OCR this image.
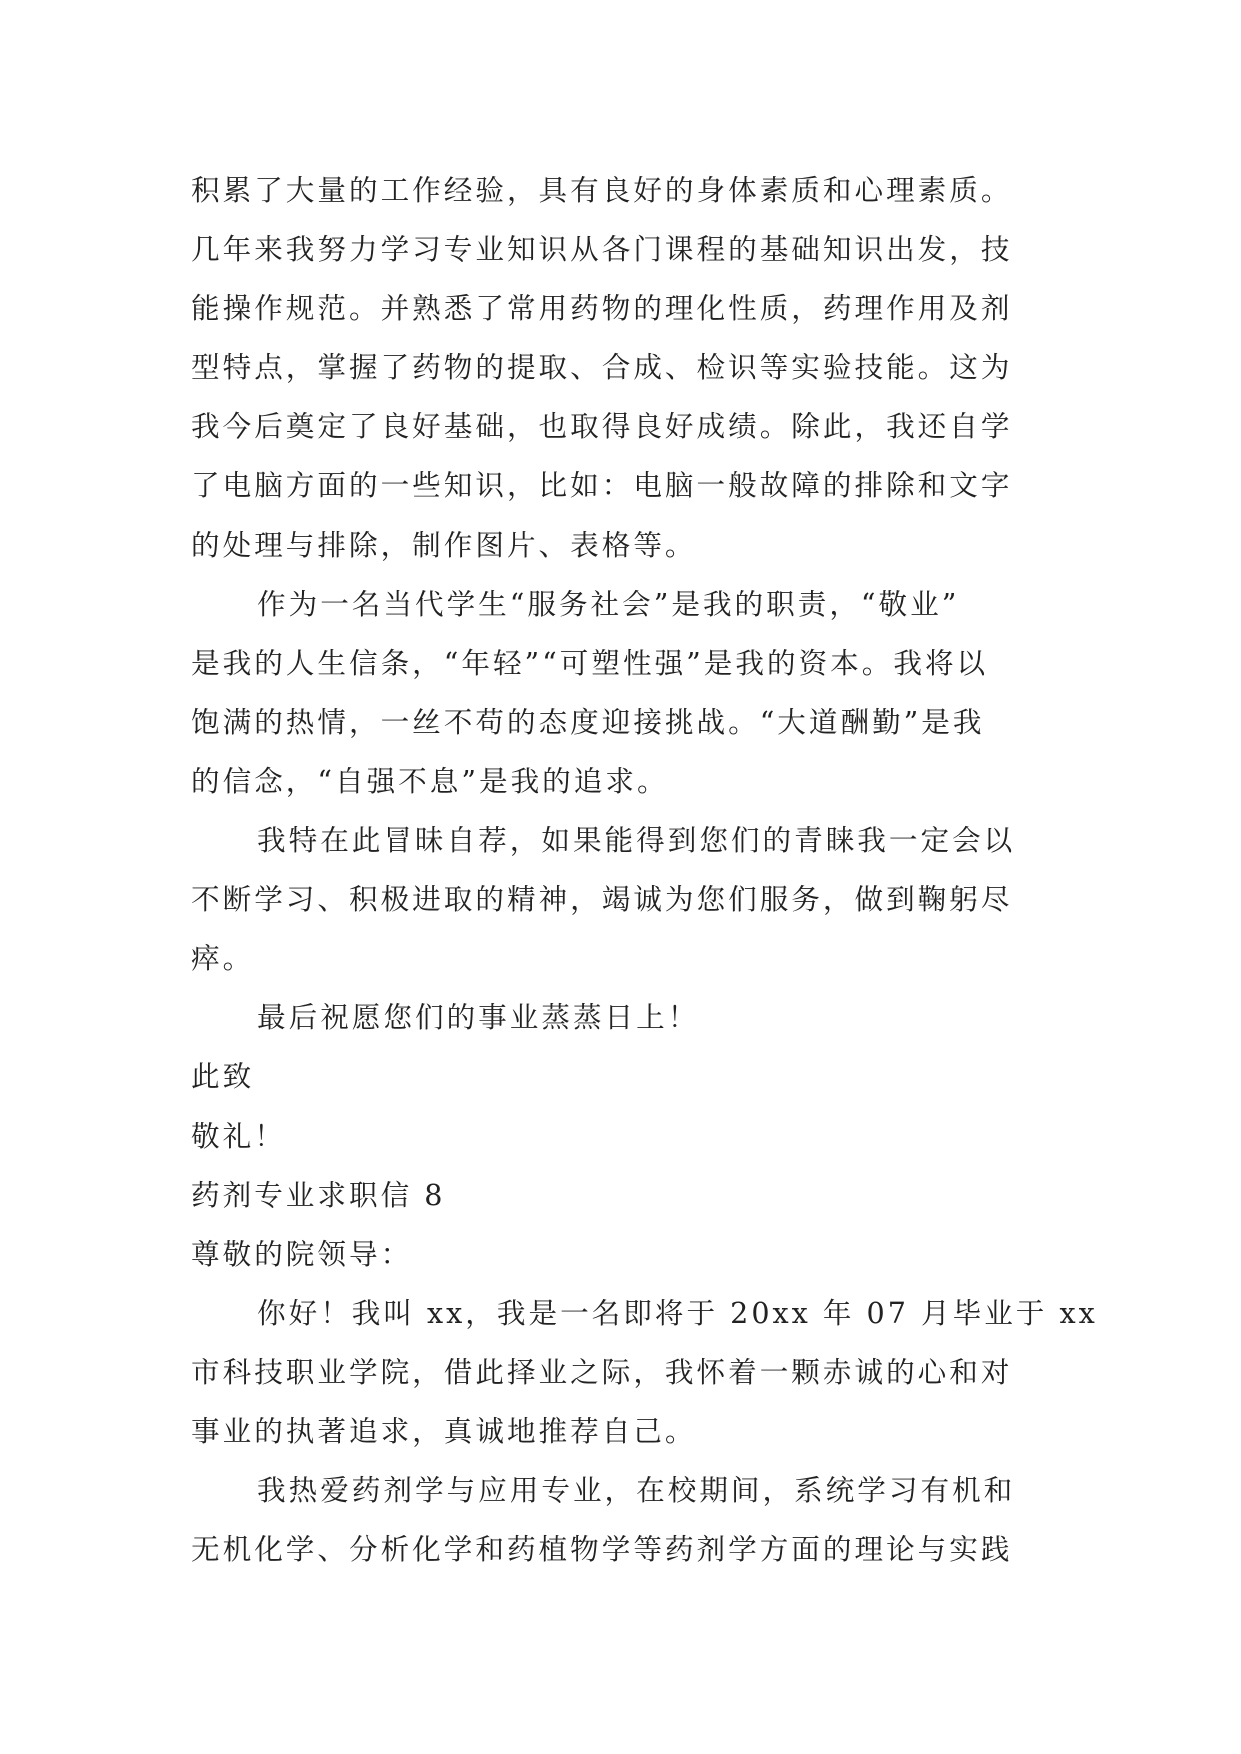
积累了大量的工作经验，具有良好的身体素质和心理素质。
几年来我努力学习专业知识从各门课程的基础知识出发，技
能操作规范。并熟悉了常用药物的理化性质，药理作用及剂
型特点，掌握了药物的提取、合成、检识等实验技能。这为
我今后奠定了良好基础，也取得良好成绩。除此，我还自学
了电脑方面的一些知识，比如：电脑一般故障的排除和文字
的处理与排除，制作图片、表格等。
作为一名当代学生“服务社会”是我的职责，“敬业”
是我的人生信条，“年轻”“可塑性强”是我的资本。我将以
饱满的热情，一丝不苟的态度迎接挑战。“大道酬勤”是我
的信念，“自强不息”是我的追求。
我特在此冒昧自荐，如果能得到您们的青睐我一定会以
不断学习、积极进取的精神，竭诚为您们服务，做到鞠躬尽
瘁。
最后祝愿您们的事业蒸蒸日上！
此致
敬礼！
药剂专业求职信 8
尊敬的院领导：
你好！我叫 xx，我是一名即将于 20xx 年 07 月毕业于 xx
市科技职业学院，借此择业之际，我怀着一颗赤诚的心和对
事业的执著追求，真诚地推荐自己。
我热爱药剂学与应用专业，在校期间，系统学习有机和
无机化学、分析化学和药植物学等药剂学方面的理论与实践
